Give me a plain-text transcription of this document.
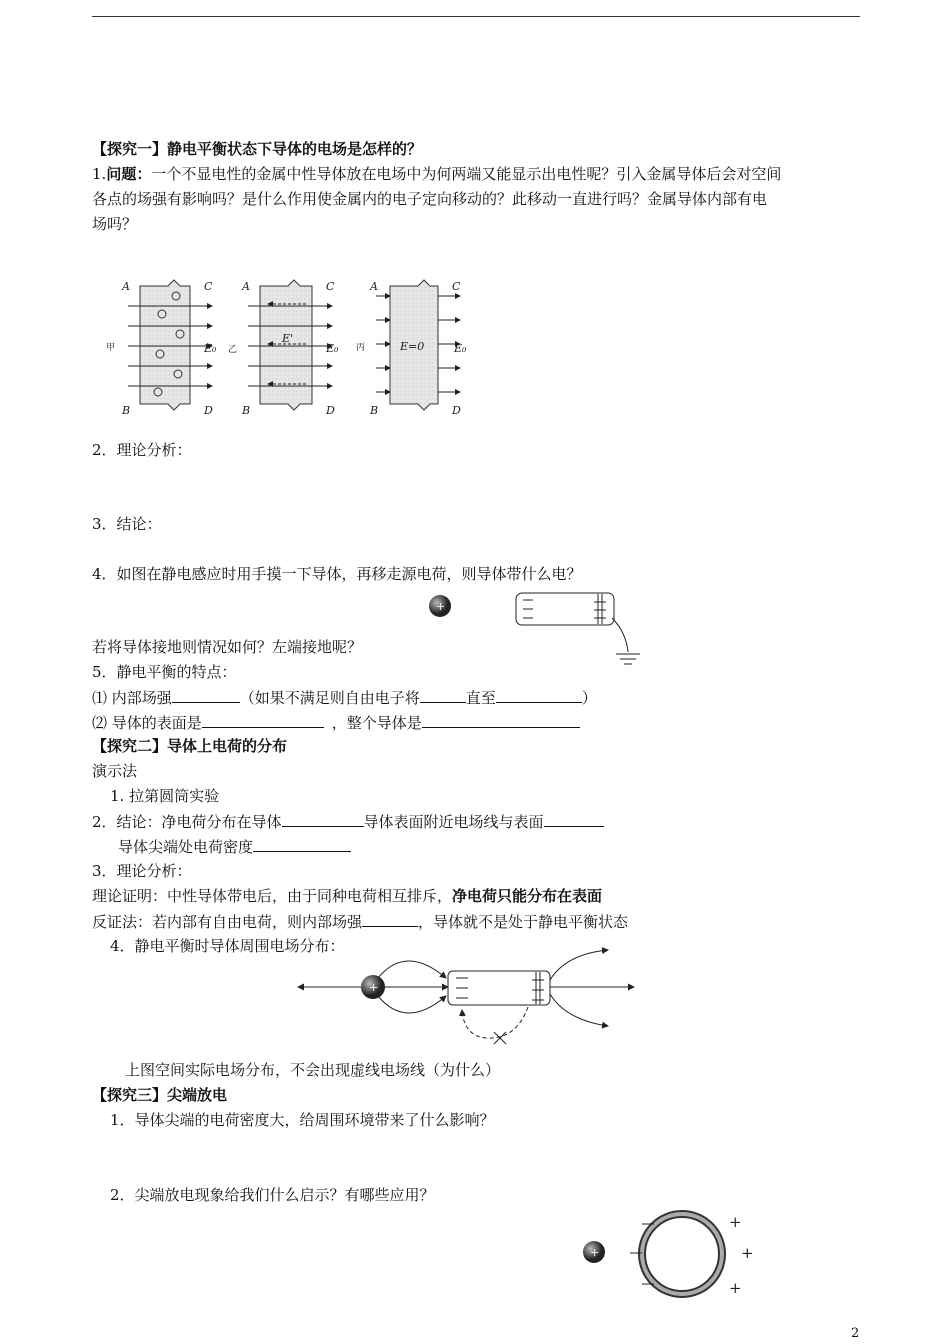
【探究一】静电平衡状态下导体的电场是怎样的？
1.问题：一个不显电性的金属中性导体放在电场中为何两端又能显示出电性呢？引入金属导体后会对空间
各点的场强有影响吗？是什么作用使金属内的电子定向移动的？此移动一直进行吗？金属导体内部有电
场吗？
A	C
B	D
甲	E₀
A	C
B	D
乙	E₀
E'
E=0
A	C
B	D
丙	E₀
2．理论分析：
3．结论：
4．如图在静电感应时用手摸一下导体，再移走源电荷，则导体带什么电？
+
若将导体接地则情况如何？左端接地呢？
5．静电平衡的特点：
⑴ 内部场强	（如果不满足则自由电子将	直至	）
⑵ 导体的表面是	，整个导体是
【探究二】导体上电荷的分布
演示法
1. 拉第圆筒实验
2．结论：净电荷分布在导体	导体表面附近电场线与表面
导体尖端处电荷密度
3．理论分析：
理论证明：中性导体带电后，由于同种电荷相互排斥，净电荷只能分布在表面
反证法：若内部有自由电荷，则内部场强	，导体就不是处于静电平衡状态
4．静电平衡时导体周围电场分布：
+
上图空间实际电场分布，不会出现虚线电场线（为什么）
【探究三】尖端放电
1．导体尖端的电荷密度大，给周围环境带来了什么影响？
2．尖端放电现象给我们什么启示？有哪些应用？
+
+
+
+
2
